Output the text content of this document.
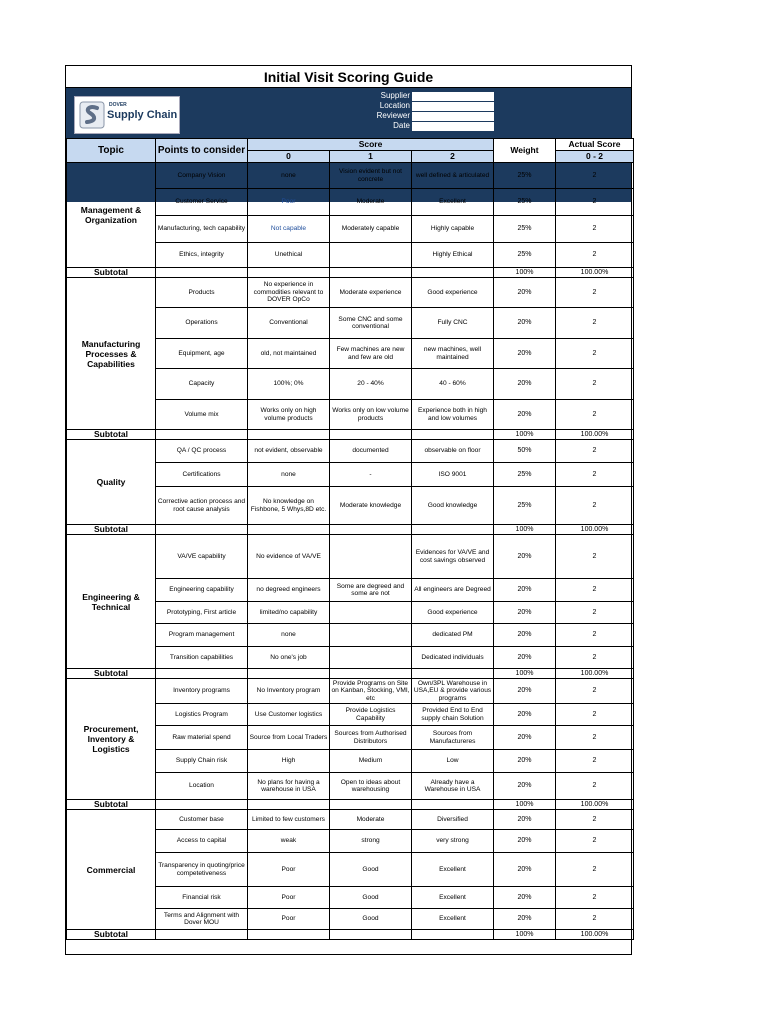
Initial Visit Scoring Guide
DOVER
Supply Chain
Supplier
Location
Reviewer
Date
Topic	Points to consider	Score			Weight	Actual Score
		0	1	2		0 - 2
Management & Organization	Company Vision	none	Vision evident but not concrete	well defined & articulated	25%	2
	Customer Service	Poor	Moderate	Excellent	25%	2
	Manufacturing, tech capability	Not capable	Moderately capable	Highly capable	25%	2
	Ethics, integrity	Unethical		Highly Ethical	25%	2
Subtotal					100%	100.00%
Manufacturing Processes & Capabilities	Products	No experience in commodities relevant to DOVER OpCo	Moderate experience	Good experience	20%	2
	Operations	Conventional	Some CNC and some conventional	Fully CNC	20%	2
	Equipment, age	old, not maintained	Few machines are new and few are old	new machines, well maintained	20%	2
	Capacity	100%; 0%	20 - 40%	40 - 60%	20%	2
	Volume mix	Works only on high volume products	Works only on low volume products	Experience both in high and low volumes	20%	2
Subtotal					100%	100.00%
Quality	QA / QC process	not evident, observable	documented	observable on floor	50%	2
	Certifications	none	-	ISO 9001	25%	2
	Corrective action process and root cause analysis	No knowledge on Fishbone, 5 Whys,8D etc.	Moderate knowledge	Good knowledge	25%	2
Subtotal					100%	100.00%
Engineering & Technical	VA/VE capability	No evidence of VA/VE		Evidences for VA/VE and cost savings observed	20%	2
	Engineering capability	no degreed engineers	Some are degreed and some are not	All engineers are Degreed	20%	2
	Prototyping, First article	limited/no capability		Good experience	20%	2
	Program management	none		dedicated PM	20%	2
	Transition capabilities	No one's job		Dedicated individuals	20%	2
Subtotal					100%	100.00%
Procurement, Inventory & Logistics	Inventory programs	No Inventory program	Provide Programs on Site on Kanban, Stocking, VMI, etc	Own/3PL Warehouse in USA,EU & provide various programs	20%	2
	Logistics Program	Use Customer logistics	Provide Logistics Capability	Provided End to End supply chain Solution	20%	2
	Raw material spend	Source from Local Traders	Sources from Authorised Distributors	Sources from Manufactureres	20%	2
	Supply Chain risk	High	Medium	Low	20%	2
	Location	No plans for having a warehouse in USA	Open to ideas about warehousing	Already have a Warehouse in USA	20%	2
Subtotal					100%	100.00%
Commercial	Customer base	Limited to few customers	Moderate	Diversified	20%	2
	Access to capital	weak	strong	very strong	20%	2
	Transparency in quoting/price competetiveness	Poor	Good	Excellent	20%	2
	Financial risk	Poor	Good	Excellent	20%	2
	Terms and Alignment with Dover MOU	Poor	Good	Excellent	20%	2
Subtotal					100%	100.00%
